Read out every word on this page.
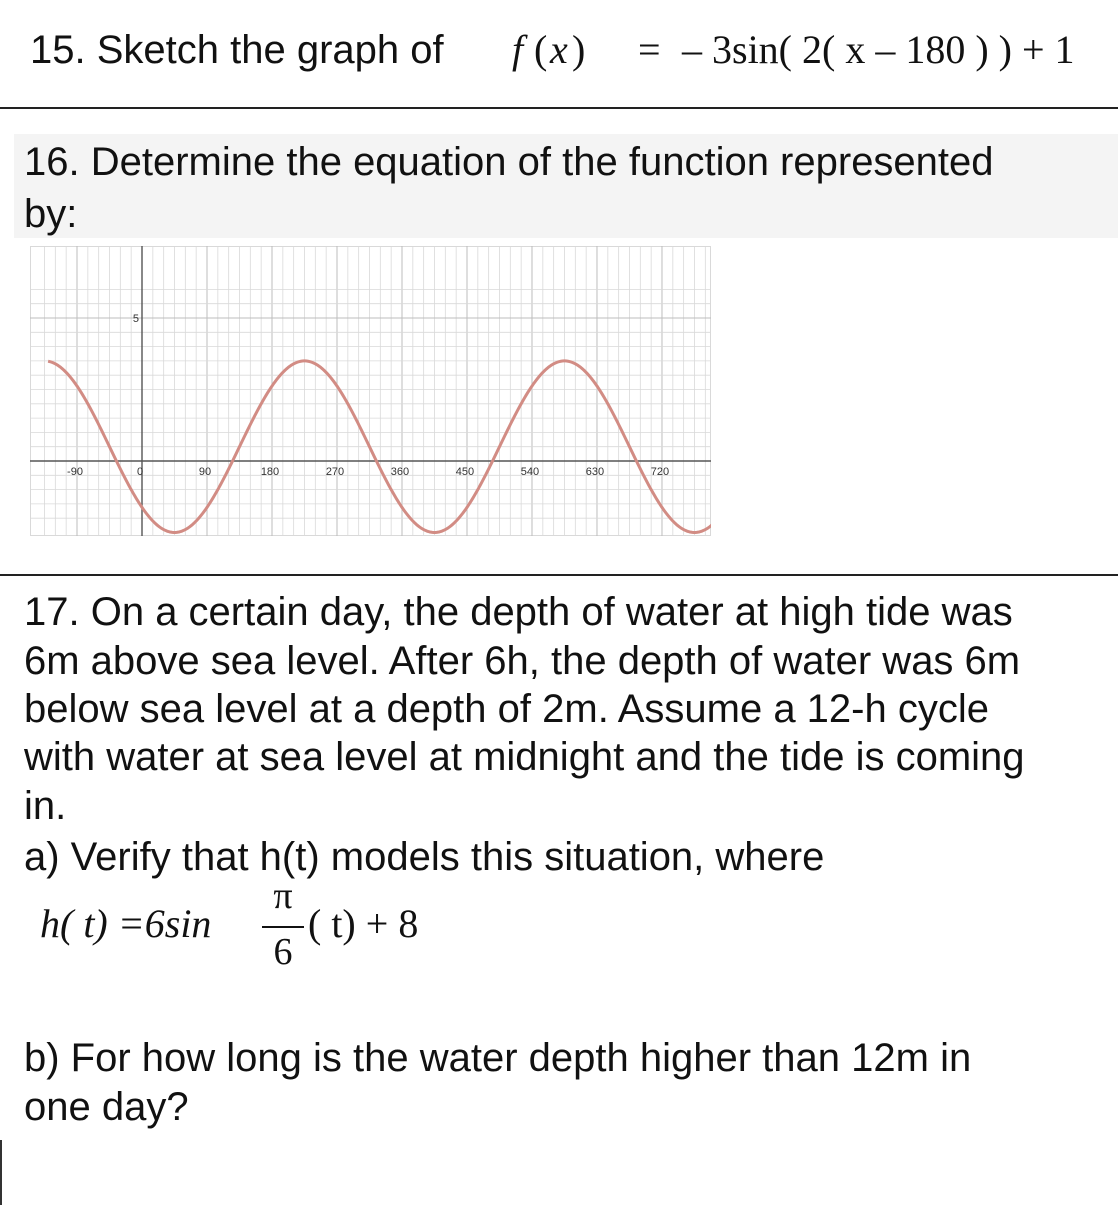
15. Sketch the graph of f ( x ) = – 3sin( 2( x – 180 ) ) + 1
16. Determine the equation of the function represented
by:
-90	0	90	180	270	360	450	540	630	720
5
17. On a certain day, the depth of water at high tide was
6m above sea level. After 6h, the depth of water was 6m
below sea level at a depth of 2m. Assume a 12-h cycle
with water at sea level at midnight and the tide is coming
in.
a) Verify that h(t) models this situation, where
h( t) =6sin
π
6
( t) + 8
b) For how long is the water depth higher than 12m in
one day?
